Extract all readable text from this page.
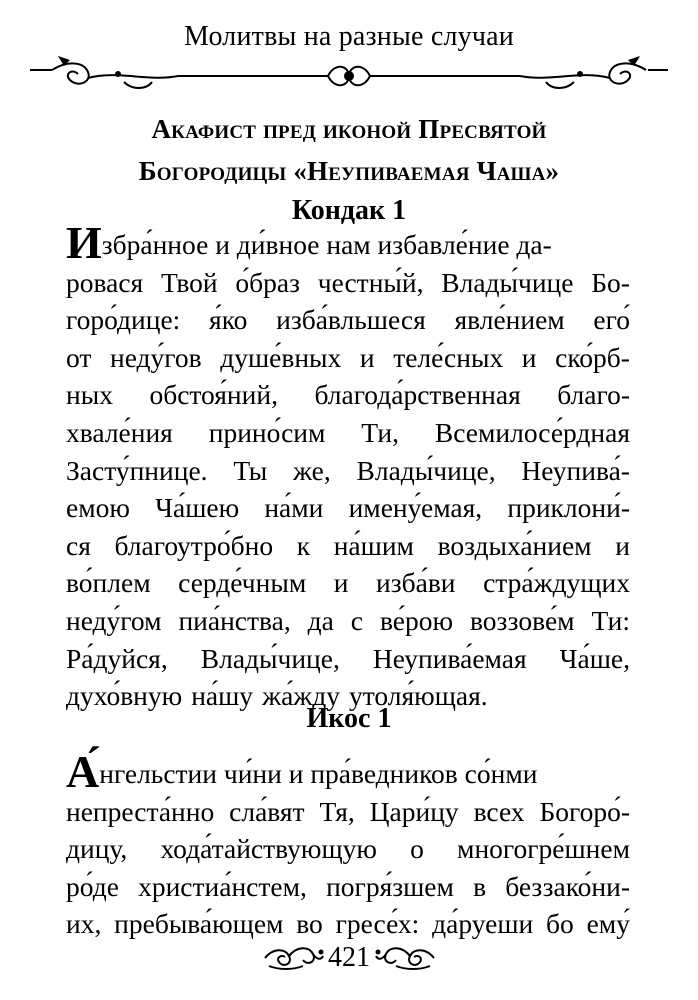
Молитвы на разные случаи
Акафист пред иконой Пресвятой
Богородицы «Неупиваемая Чаша»
Кондак 1
Избра́нное и ди́вное нам избавле́ние да-
ровася Твой о́браз честны́й, Влады́чице Бо-
горо́дице: я́ко изба́вльшеся явле́нием его́
от неду́гов душе́вных и теле́сных и ско́рб-
ных обстоя́ний, благода́рственная благо-
хвале́ния прино́сим Ти, Всемилосе́рдная
Засту́пнице. Ты же, Влады́чице, Неупива́-
емою Ча́шею на́ми имену́емая, приклони́-
ся благоутро́бно к на́шим воздыха́нием и
во́плем серде́чным и изба́ви стра́ждущих
неду́гом пиа́нства, да с ве́рою воззове́м Ти:
Ра́дуйся, Влады́чице, Неупива́емая Ча́ше,
духо́вную на́шу жа́жду утоля́ющая.
Икос 1
А́нгельстии чи́ни и пра́ведников со́нми
непреста́нно сла́вят Тя, Цари́цу всех Богоро́-
дицу, хода́тайствующую о многогре́шнем
ро́де христиа́нстем, погря́зшем в беззако́ни-
их, пребыва́ющем во гресе́х: да́руеши бо ему́
421
